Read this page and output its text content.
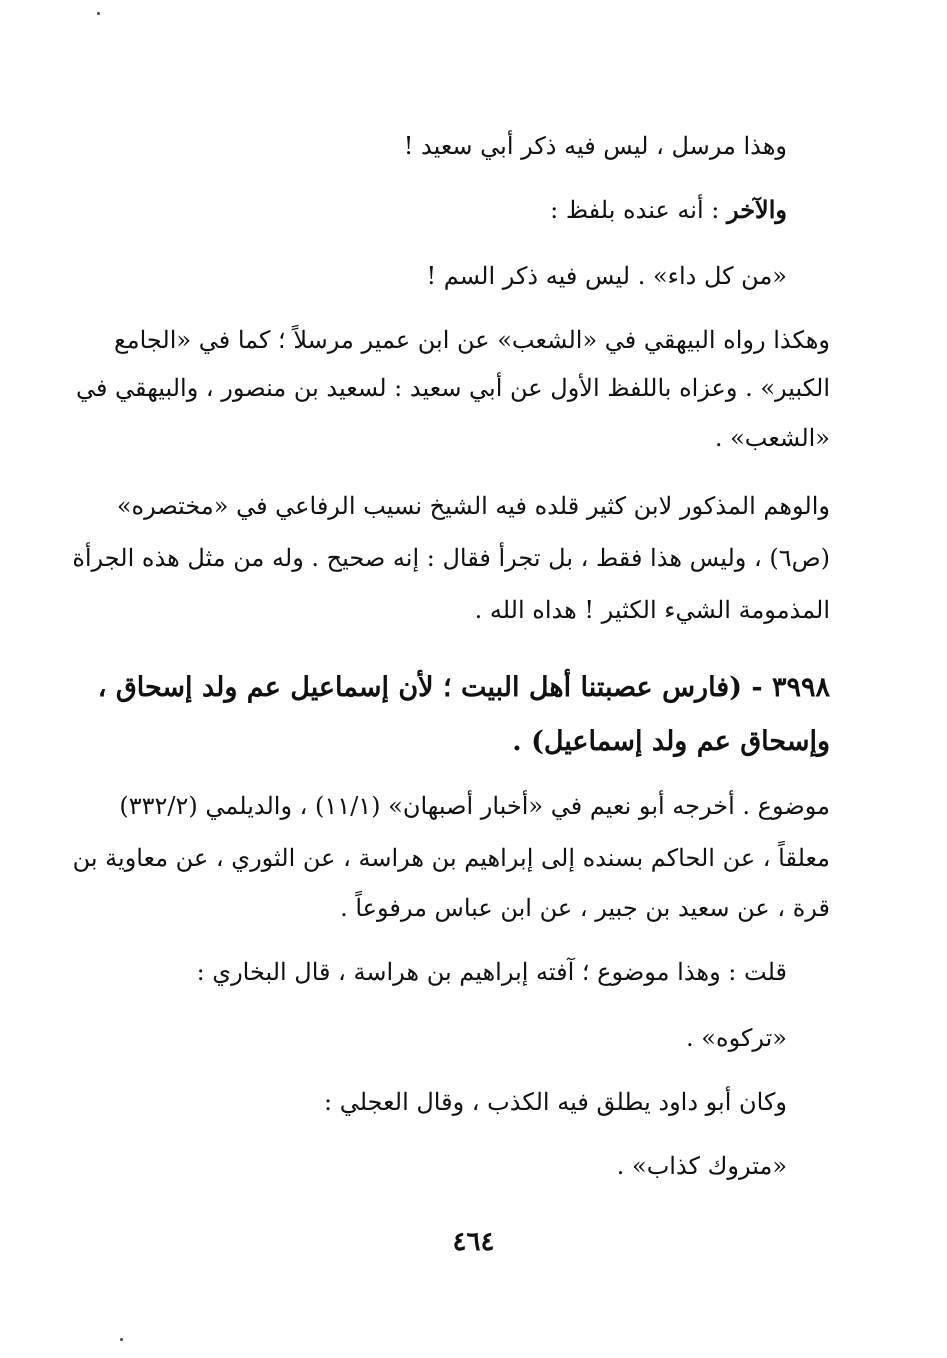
وهذا مرسل ، ليس فيه ذكر أبي سعيد !
والآخر : أنه عنده بلفظ :
«من كل داء» . ليس فيه ذكر السم !
وهكذا رواه البيهقي في «الشعب» عن ابن عمير مرسلاً ؛ كما في «الجامع
الكبير» . وعزاه باللفظ الأول عن أبي سعيد : لسعيد بن منصور ، والبيهقي في
«الشعب» .
والوهم المذكور لابن كثير قلده فيه الشيخ نسيب الرفاعي في «مختصره»
(ص٦) ، وليس هذا فقط ، بل تجرأ فقال : إنه صحيح . وله من مثل هذه الجرأة
المذمومة الشيء الكثير ! هداه الله .
٣٩٩٨ - (فارس عصبتنا أهل البيت ؛ لأن إسماعيل عم ولد إسحاق ،
وإسحاق عم ولد إسماعيل) .
موضوع . أخرجه أبو نعيم في «أخبار أصبهان» (١١/١) ، والديلمي (٣٣٢/٢)
معلقاً ، عن الحاكم بسنده إلى إبراهيم بن هراسة ، عن الثوري ، عن معاوية بن
قرة ، عن سعيد بن جبير ، عن ابن عباس مرفوعاً .
قلت : وهذا موضوع ؛ آفته إبراهيم بن هراسة ، قال البخاري :
«تركوه» .
وكان أبو داود يطلق فيه الكذب ، وقال العجلي :
«متروك كذاب» .
٤٦٤
